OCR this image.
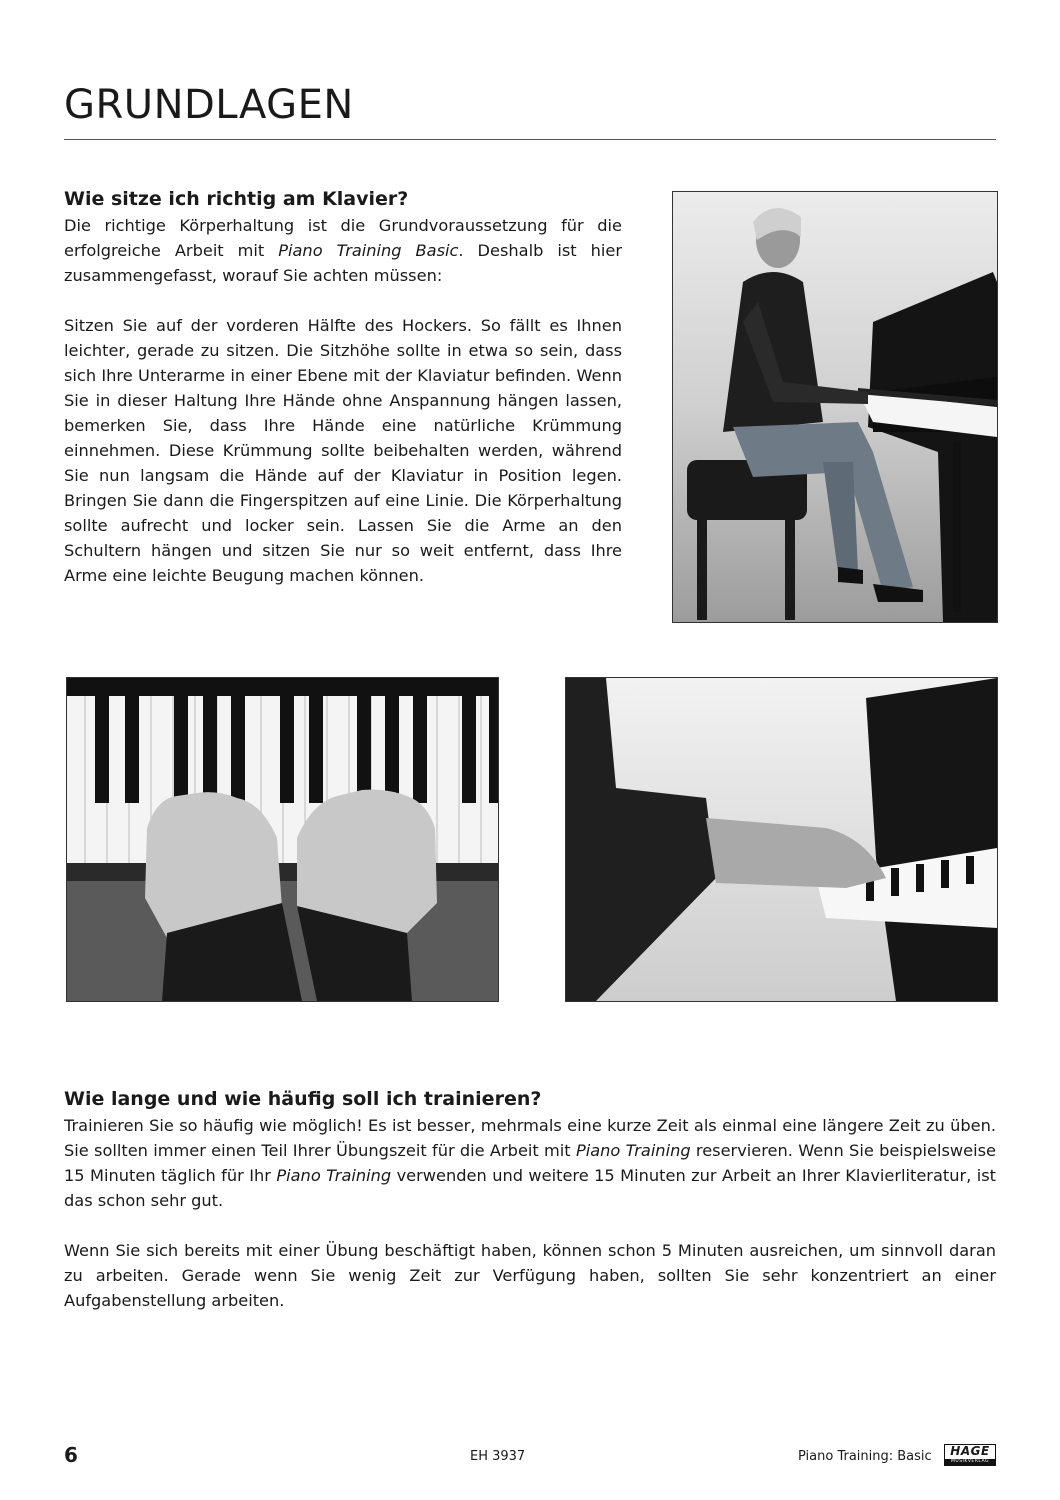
GRUNDLAGEN
Wie sitze ich richtig am Klavier?

Die richtige Körperhaltung ist die Grundvoraussetzung für die erfolgreiche Arbeit mit Piano Training Basic. Deshalb ist hier zusammengefasst, worauf Sie achten müssen:

Sitzen Sie auf der vorderen Hälfte des Hockers. So fällt es Ihnen leichter, gerade zu sitzen. Die Sitzhöhe sollte in etwa so sein, dass sich Ihre Unterarme in einer Ebene mit der Klaviatur befinden. Wenn Sie in dieser Haltung Ihre Hände ohne Anspannung hängen lassen, bemerken Sie, dass Ihre Hände eine natürliche Krümmung einnehmen. Diese Krümmung sollte beibehalten werden, während Sie nun langsam die Hände auf der Klaviatur in Position legen. Bringen Sie dann die Fingerspitzen auf eine Linie. Die Körperhaltung sollte aufrecht und locker sein. Lassen Sie die Arme an den Schultern hängen und sitzen Sie nur so weit entfernt, dass Ihre Arme eine leichte Beugung machen können.

Wie lange und wie häufig soll ich trainieren?

Trainieren Sie so häufig wie möglich! Es ist besser, mehrmals eine kurze Zeit als einmal eine längere Zeit zu üben. Sie sollten immer einen Teil Ihrer Übungszeit für die Arbeit mit Piano Training reservieren. Wenn Sie beispielsweise 15 Minuten täglich für Ihr Piano Training verwenden und weitere 15 Minuten zur Arbeit an Ihrer Klavierliteratur, ist das schon sehr gut.

Wenn Sie sich bereits mit einer Übung beschäftigt haben, können schon 5 Minuten ausreichen, um sinnvoll daran zu arbeiten. Gerade wenn Sie wenig Zeit zur Verfügung haben, sollten Sie sehr konzentriert an einer Aufgabenstellung arbeiten.

6	EH 3937	Piano Training: Basic	HAGE
MUSIKVERLAG
